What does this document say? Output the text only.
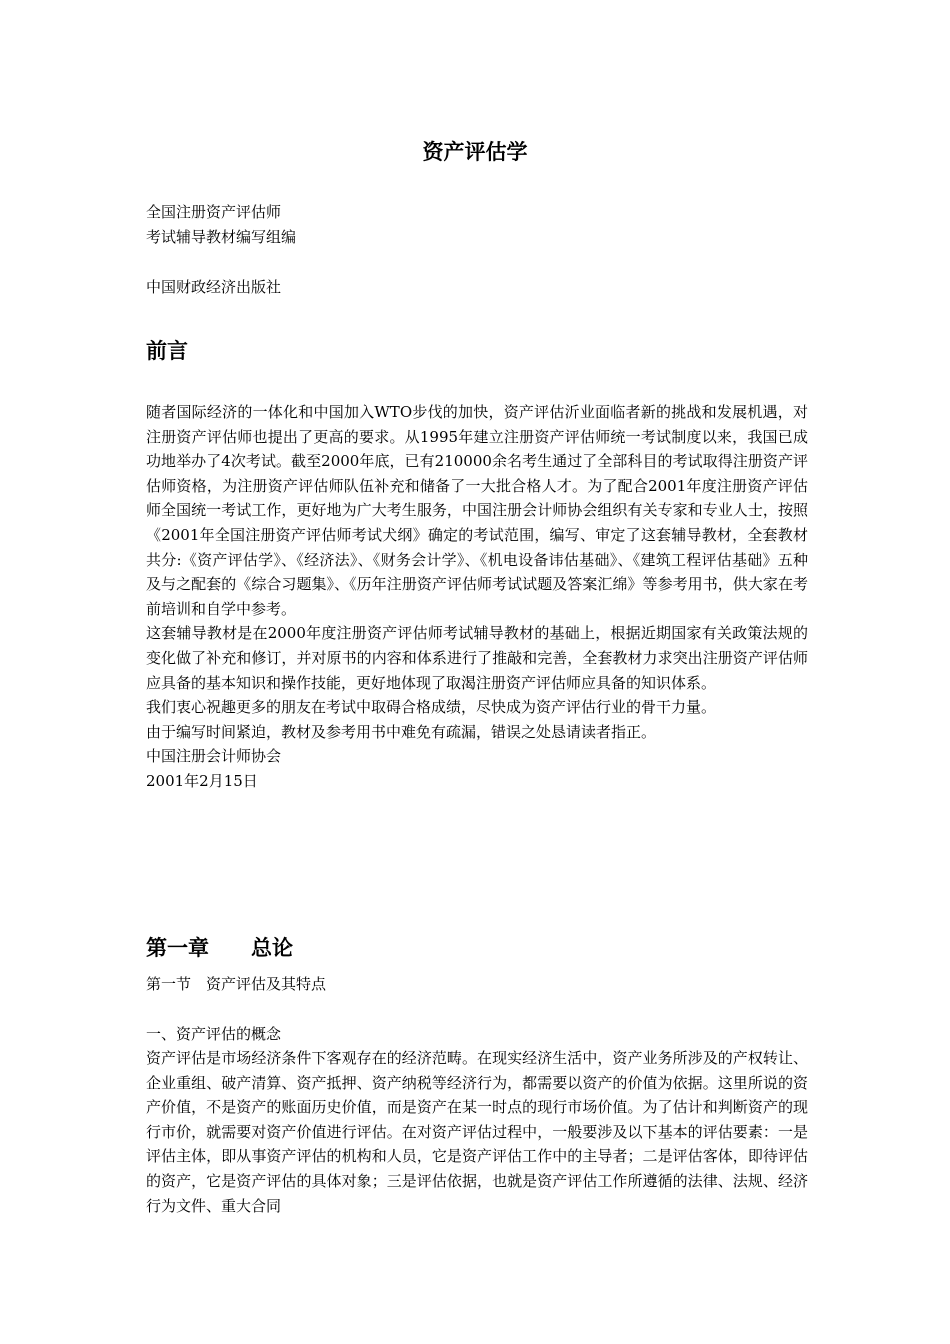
资产评估学
全国注册资产评估师
考试辅导教材编写组编
中国财政经济出版社
前言

随者国际经济的一体化和中国加入WTO步伐的加快，资产评估沂业面临者新的挑战和发展机遇，对注册资产评估师也提出了更高的要求。从1995年建立注册资产评估师统一考试制度以来，我国已成功地举办了4次考试。截至2000年底，已有210000余名考生通过了全部科目的考试取得注册资产评估师资格，为注册资产评估师队伍补充和储备了一大批合格人才。为了配合2001年度注册资产评估师全国统一考试工作，更好地为广大考生服务，中国注册会计师协会组织有关专家和专业人士，按照《2001年全国注册资产评估师考试犬纲》确定的考试范围，编写、审定了这套辅导教材，全套教材共分:《资产评估学》、《经济法》、《财务会计学》、《机电设备讳估基础》、《建筑工程评估基础》五种及与之配套的《综合习题集》、《历年注册资产评估师考试试题及答案汇绵》等参考用书，供大家在考前培训和自学中参考。

这套辅导教材是在2000年度注册资产评估师考试辅导教材的基础上，根据近期国家有关政策法规的变化做了补充和修订，并对原书的内容和体系进行了推敲和完善，全套教材力求突出注册资产评估师应具备的基本知识和操作技能，更好地体现了取渴注册资产评估师应具备的知识体系。

我们衷心祝趣更多的朋友在考试中取碍合格成绩，尽快成为资产评估行业的骨干力量。

由于编写时间紧迫，教材及参考用书中难免有疏漏，错误之处恳请读者指正。

中国注册会计师协会

2001年2月15日

第一章　　总论
第一节　资产评估及其特点
一、资产评估的概念

资产评估是市场经济条件下客观存在的经济范畴。在现实经济生活中，资产业务所涉及的产权转让、企业重组、破产清算、资产抵押、资产纳税等经济行为，都需要以资产的价值为依据。这里所说的资产价值，不是资产的账面历史价值，而是资产在某一时点的现行市场价值。为了估计和判断资产的现行市价，就需要对资产价值进行评估。在对资产评估过程中，一般要涉及以下基本的评估要素：一是评估主体，即从事资产评估的机构和人员，它是资产评估工作中的主导者；二是评估客体，即待评估的资产，它是资产评估的具体对象；三是评估依据，也就是资产评估工作所遵循的法律、法规、经济行为文件、重大合同
